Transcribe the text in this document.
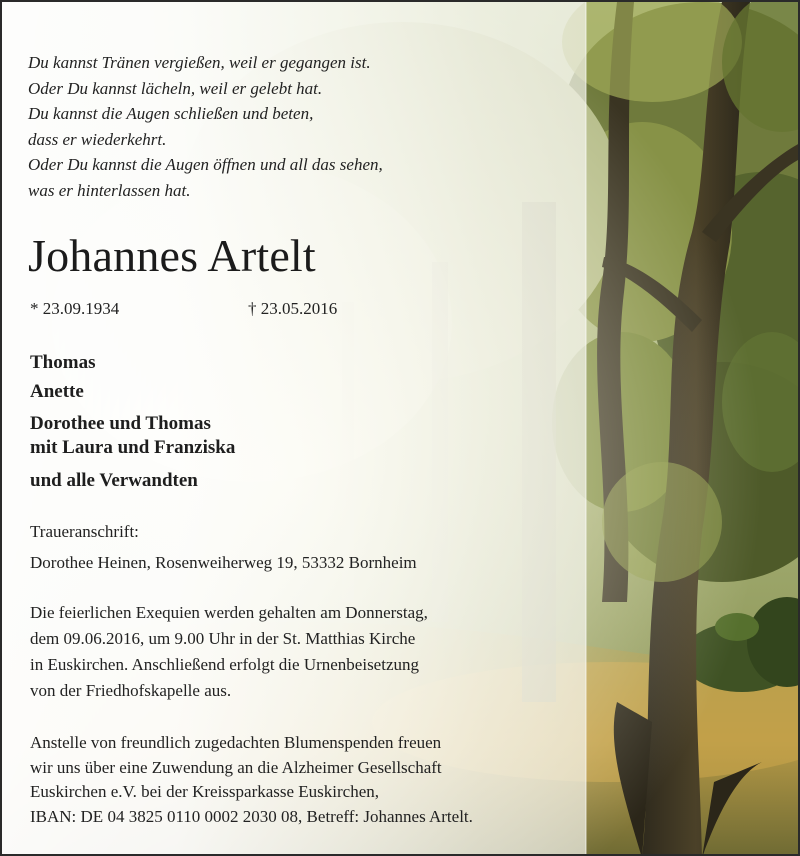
Du kannst Tränen vergießen, weil er gegangen ist.
Oder Du kannst lächeln, weil er gelebt hat.
Du kannst die Augen schließen und beten,
dass er wiederkehrt.
Oder Du kannst die Augen öffnen und all das sehen,
was er hinterlassen hat.
Johannes Artelt
* 23.09.1934	† 23.05.2016
Thomas
Anette
Dorothee und Thomas
mit Laura und Franziska
und alle Verwandten
Traueranschrift:
Dorothee Heinen, Rosenweiherweg 19, 53332 Bornheim
Die feierlichen Exequien werden gehalten am Donnerstag,
dem 09.06.2016, um 9.00 Uhr in der St. Matthias Kirche
in Euskirchen. Anschließend erfolgt die Urnenbeisetzung
von der Friedhofskapelle aus.
Anstelle von freundlich zugedachten Blumenspenden freuen
wir uns über eine Zuwendung an die Alzheimer Gesellschaft
Euskirchen e.V. bei der Kreissparkasse Euskirchen,
IBAN: DE 04 3825 0110 0002 2030 08, Betreff: Johannes Artelt.
